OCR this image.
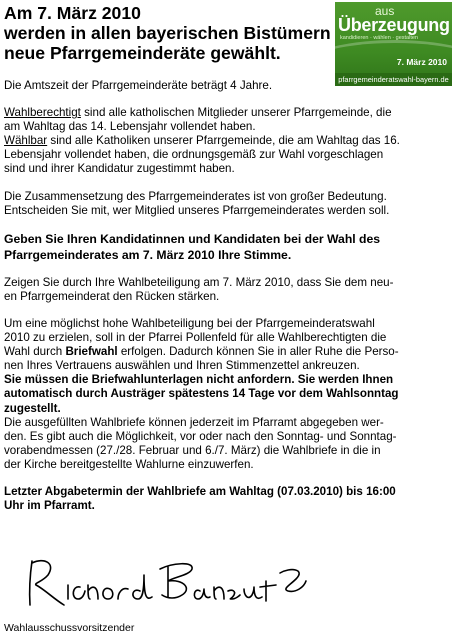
Am 7. März 2010
werden in allen bayerischen Bistümern
neue Pfarrgemeinderäte gewählt.
aus
Überzeugung
kandidieren · wählen · gestalten
7. März 2010
pfarrgemeinderatswahl-bayern.de

Die Amtszeit der Pfarrgemeinderäte beträgt 4 Jahre.

Wahlberechtigt sind alle katholischen Mitglieder unserer Pfarrgemeinde, die

am Wahltag das 14. Lebensjahr vollendet haben.

Wählbar sind alle Katholiken unserer Pfarrgemeinde, die am Wahltag das 16.

Lebensjahr vollendet haben, die ordnungsgemäß zur Wahl vorgeschlagen

sind und ihrer Kandidatur zugestimmt haben.

Die Zusammensetzung des Pfarrgemeinderates ist von großer Bedeutung.

Entscheiden Sie mit, wer Mitglied unseres Pfarrgemeinderates werden soll.

Geben Sie Ihren Kandidatinnen und Kandidaten bei der Wahl des

Pfarrgemeinderates am 7. März 2010 Ihre Stimme.

Zeigen Sie durch Ihre Wahlbeteiligung am 7. März 2010, dass Sie dem neu-

en Pfarrgemeinderat den Rücken stärken.

Um eine möglichst hohe Wahlbeteiligung bei der Pfarrgemeinderatswahl

2010 zu erzielen, soll in der Pfarrei Pollenfeld für alle Wahlberechtigten die

Wahl durch Briefwahl erfolgen. Dadurch können Sie in aller Ruhe die Perso-

nen Ihres Vertrauens auswählen und Ihren Stimmenzettel ankreuzen.

Sie müssen die Briefwahlunterlagen nicht anfordern. Sie werden Ihnen

automatisch durch Austräger spätestens 14 Tage vor dem Wahlsonntag

zugestellt.

Die ausgefüllten Wahlbriefe können jederzeit im Pfarramt abgegeben wer-

den. Es gibt auch die Möglichkeit, vor oder nach den Sonntag- und Sonntag-

vorabendmessen (27./28. Februar und 6./7. März) die Wahlbriefe in die in

der Kirche bereitgestellte Wahlurne einzuwerfen.

Letzter Abgabetermin der Wahlbriefe am Wahltag (07.03.2010) bis 16:00

Uhr im Pfarramt.

Wahlausschussvorsitzender
